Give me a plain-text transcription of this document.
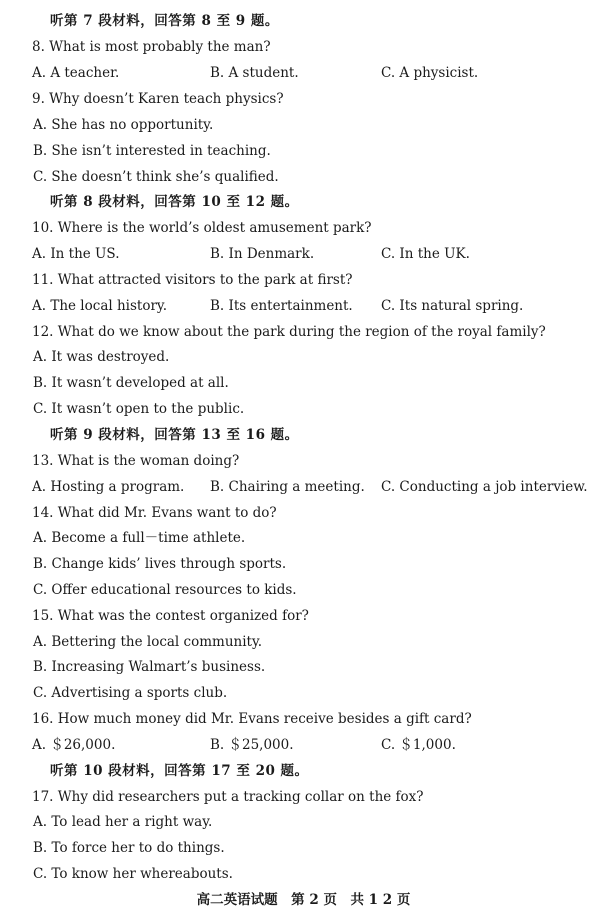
听第 7 段材料，回答第 8 至 9 题。
8. What is most probably the man?
A. A teacher.	B. A student.	C. A physicist.
9. Why doesn’t Karen teach physics?
A. She has no opportunity.
B. She isn’t interested in teaching.
C. She doesn’t think she’s qualified.
听第 8 段材料，回答第 10 至 12 题。
10. Where is the world’s oldest amusement park?
A. In the US.	B. In Denmark.	C. In the UK.
11. What attracted visitors to the park at first?
A. The local history.	B. Its entertainment. C. Its natural spring.
12. What do we know about the park during the region of the royal family?
A. It was destroyed.
B. It wasn’t developed at all.
C. It wasn’t open to the public.
听第 9 段材料，回答第 13 至 16 题。
13. What is the woman doing?
A. Hosting a program. B. Chairing a meeting. C. Conducting a job interview.
14. What did Mr. Evans want to do?
A. Become a full－time athlete.
B. Change kids’ lives through sports.
C. Offer educational resources to kids.
15. What was the contest organized for?
A. Bettering the local community.
B. Increasing Walmart’s business.
C. Advertising a sports club.
16. How much money did Mr. Evans receive besides a gift card?
A. ＄26,000.	B. ＄25,000.	C. ＄1,000.
听第 10 段材料，回答第 17 至 20 题。
17. Why did researchers put a tracking collar on the fox?
A. To lead her a right way.
B. To force her to do things.
C. To know her whereabouts.
高二英语试题　第 2 页　共 1 2 页
